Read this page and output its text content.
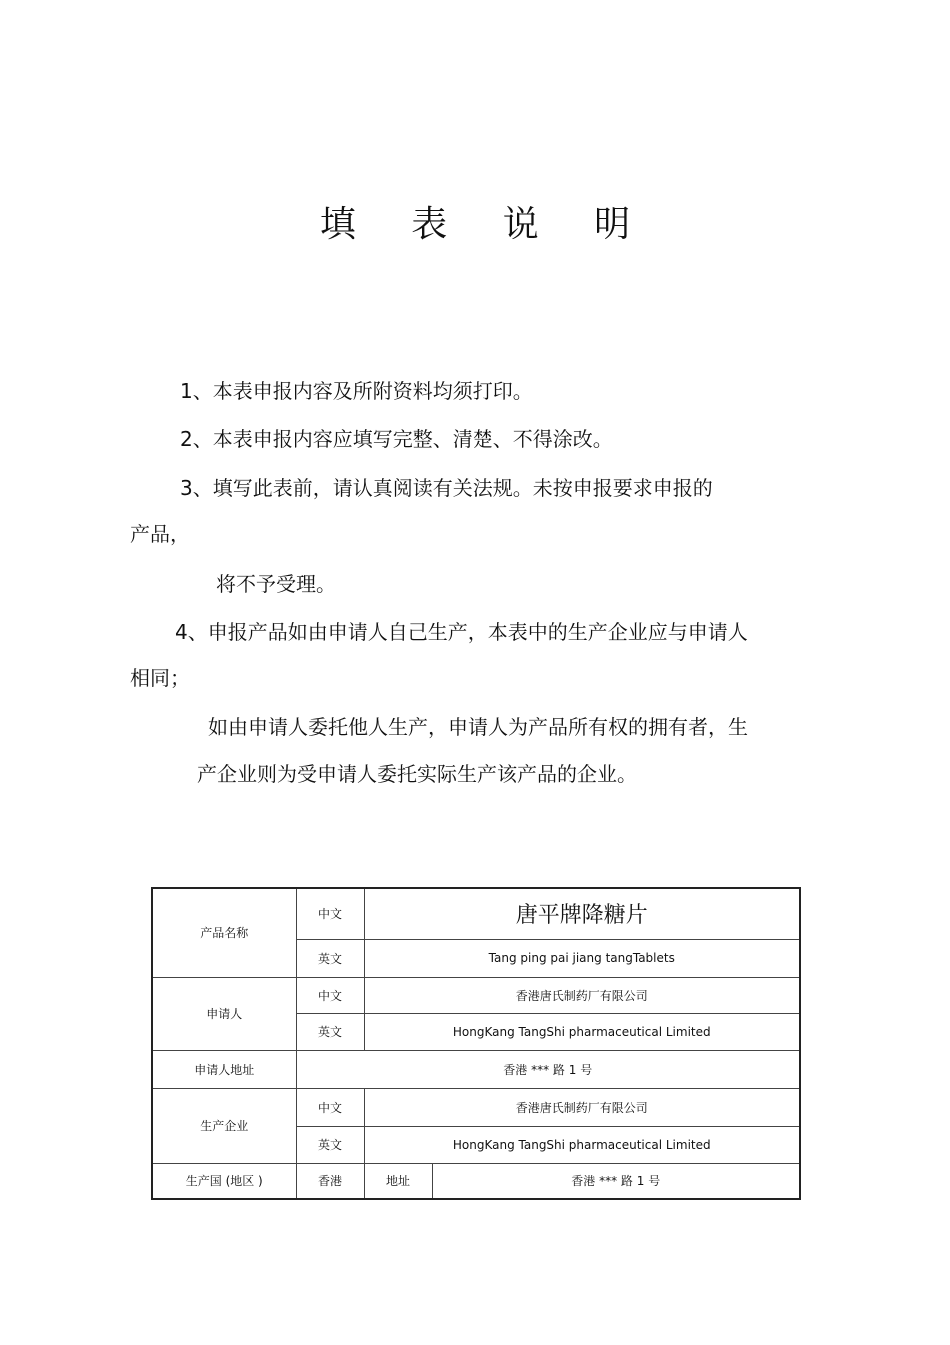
填 表 说 明
1、本表申报内容及所附资料均须打印。
2、本表申报内容应填写完整、清楚、不得涂改。
3、填写此表前，请认真阅读有关法规。未按申报要求申报的
产品，
将不予受理。
4、申报产品如由申请人自己生产，本表中的生产企业应与申请人
相同；
如由申请人委托他人生产，申请人为产品所有权的拥有者，生
产企业则为受申请人委托实际生产该产品的企业。
产品名称	中文	唐平牌降糖片	
	英文	Tang ping pai jiang tangTablets	
申请人	中文	香港唐氏制药厂有限公司	
	英文	HongKang TangShi pharmaceutical Limited	
申请人地址	香港 *** 路 1 号		
生产企业	中文	香港唐氏制药厂有限公司	
	英文	HongKang TangShi pharmaceutical Limited	
生产国 (地区 )	香港	地址	香港 *** 路 1 号
